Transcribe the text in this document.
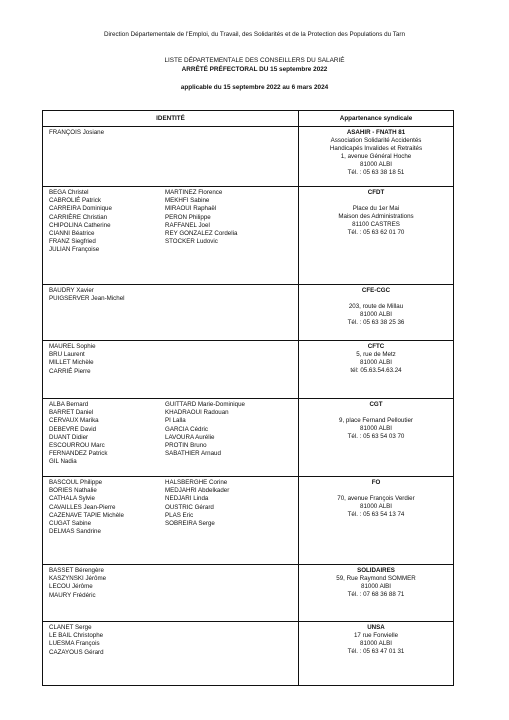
Direction Départementale de l'Emploi, du Travail, des Solidarités et de la Protection des Populations du Tarn
LISTE DÉPARTEMENTALE DES CONSEILLERS DU SALARIÉ
ARRÊTÉ PRÉFECTORAL DU 15 septembre 2022
applicable du 15 septembre 2022 au 6 mars 2024
IDENTITÉ	Appartenance syndicale
FRANÇOIS Josiane	ASAHIR - FNATH 81
Association Solidarité Accidentés
Handicapés Invalides et Retraités
1, avenue Général Hoche
81000 ALBI
Tél. : 05 63 38 18 51
BEGA Christel
CABROLIÉ Patrick
CARREIRA Dominique
CARRIÈRE Christian
CHIPOLINA Catherine
CIANNI Béatrice
FRANZ Siegfried
JULIAN Françoise
MARTINEZ Florence
MEKHFI Sabine
MIRAOUI Raphaël
PERON Philippe
RAFFANEL Joel
REY GONZALEZ Cordelia
STOCKER Ludovic
CFDT
Place du 1er Mai
Maison des Administrations
81100 CASTRES
Tél. : 05 63 62 01 70
BAUDRY Xavier
PUIGSERVER Jean-Michel
CFE-CGC
203, route de Millau
81000 ALBI
Tél. : 05 63 38 25 36
MAUREL Sophie
BRU Laurent
MILLET Michèle
CARRIÉ Pierre
CFTC
5, rue de Metz
81000 ALBI
tél: 05.63.54.63.24
ALBA Bernard
BARRET Daniel
CERVAUX Marika
DEBEVRE David
DUANT Didier
ESCOURROU Marc
FERNANDEZ Patrick
GIL Nadia
GUITTARD Marie-Dominique
KHADRAOUI Radouan
PI Lalla
GARCIA Cédric
LAVOURA Aurélie
PROTIN Bruno
SABATHIER Arnaud
CGT
9, place Fernand Pelloutier
81000 ALBI
Tél. : 05 63 54 03 70
BASCOUL Philippe
BORIES Nathalie
CATHALA Sylvie
CAVAILLES Jean-Pierre
CAZENAVE TAPIE Michèle
CUGAT Sabine
DELMAS Sandrine
HALSBERGHE Corine
MEDJAHRI Abdelkader
NEDJARI Linda
OUSTRIC Gérard
PLAS Eric
SOBREIRA Serge
FO
70, avenue François Verdier
81000 ALBI
Tél. : 05 63 54 13 74
BASSET Bérengère
KASZYNSKI Jérôme
LECOU Jérôme
MAURY Frédéric
SOLIDAIRES
59, Rue Raymond SOMMER
81000 AlBI
Tél. : 07 68 36 88 71
CLANET Serge
LE BAIL Christophe
LUESMA François
CAZAYOUS Gérard
UNSA
17 rue Fonvielle
81000 ALBI
Tél. : 05 63 47 01 31
